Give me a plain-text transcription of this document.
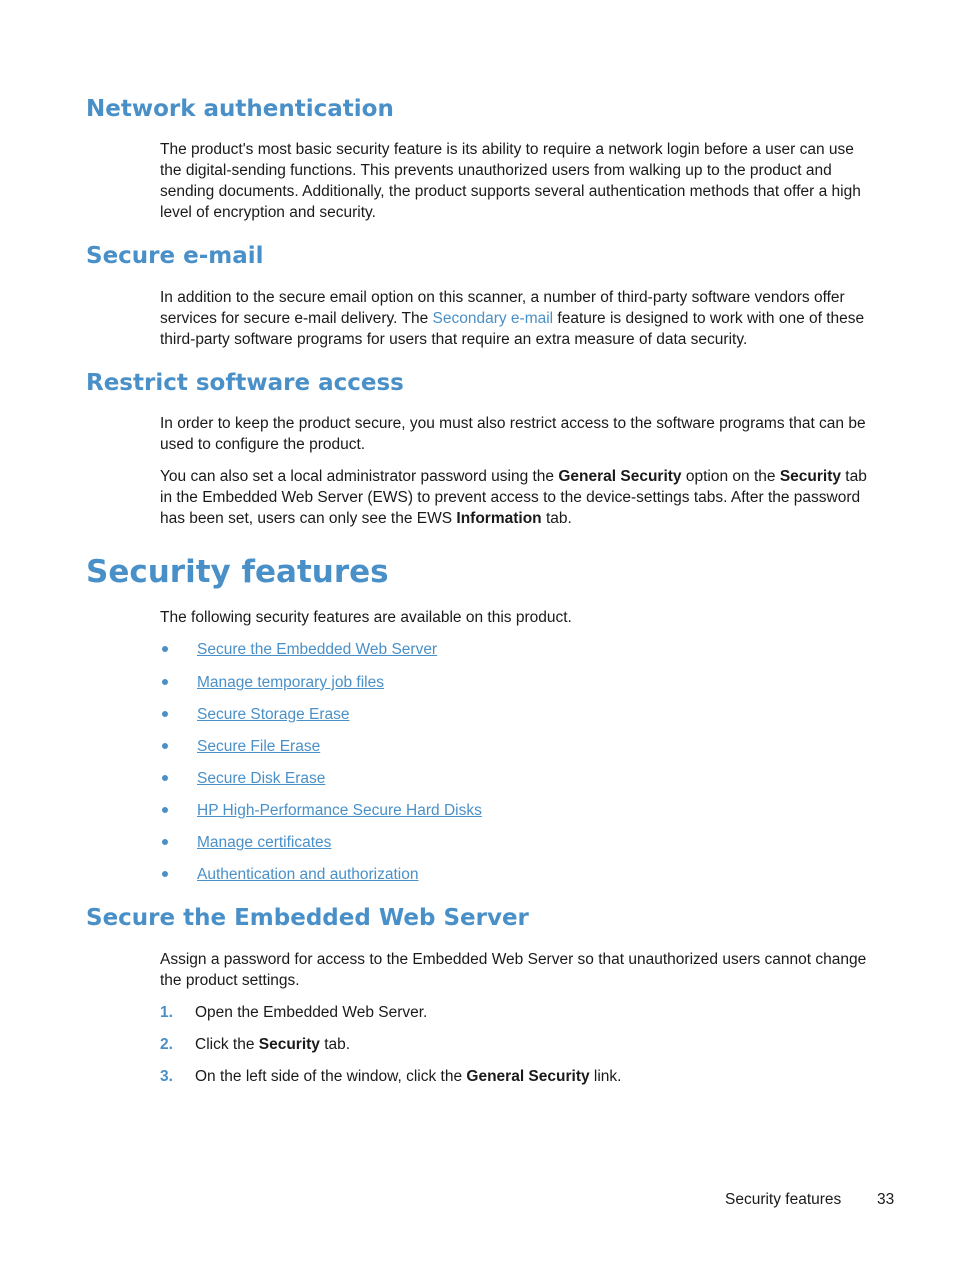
Network authentication

The product's most basic security feature is its ability to require a network login before a user can use the digital-sending functions. This prevents unauthorized users from walking up to the product and sending documents. Additionally, the product supports several authentication methods that offer a high level of encryption and security.

Secure e-mail

In addition to the secure email option on this scanner, a number of third-party software vendors offer services for secure e-mail delivery. The Secondary e-mail feature is designed to work with one of these third-party software programs for users that require an extra measure of data security.

Restrict software access

In order to keep the product secure, you must also restrict access to the software programs that can be used to configure the product.

You can also set a local administrator password using the General Security option on the Security tab in the Embedded Web Server (EWS) to prevent access to the device-settings tabs. After the password has been set, users can only see the EWS Information tab.

Security features

The following security features are available on this product.

Secure the Embedded Web Server
Manage temporary job files
Secure Storage Erase
Secure File Erase
Secure Disk Erase
HP High-Performance Secure Hard Disks
Manage certificates
Authentication and authorization
Secure the Embedded Web Server

Assign a password for access to the Embedded Web Server so that unauthorized users cannot change the product settings.

1. Open the Embedded Web Server.
2. Click the Security tab.
3. On the left side of the window, click the General Security link.
Security features 33
